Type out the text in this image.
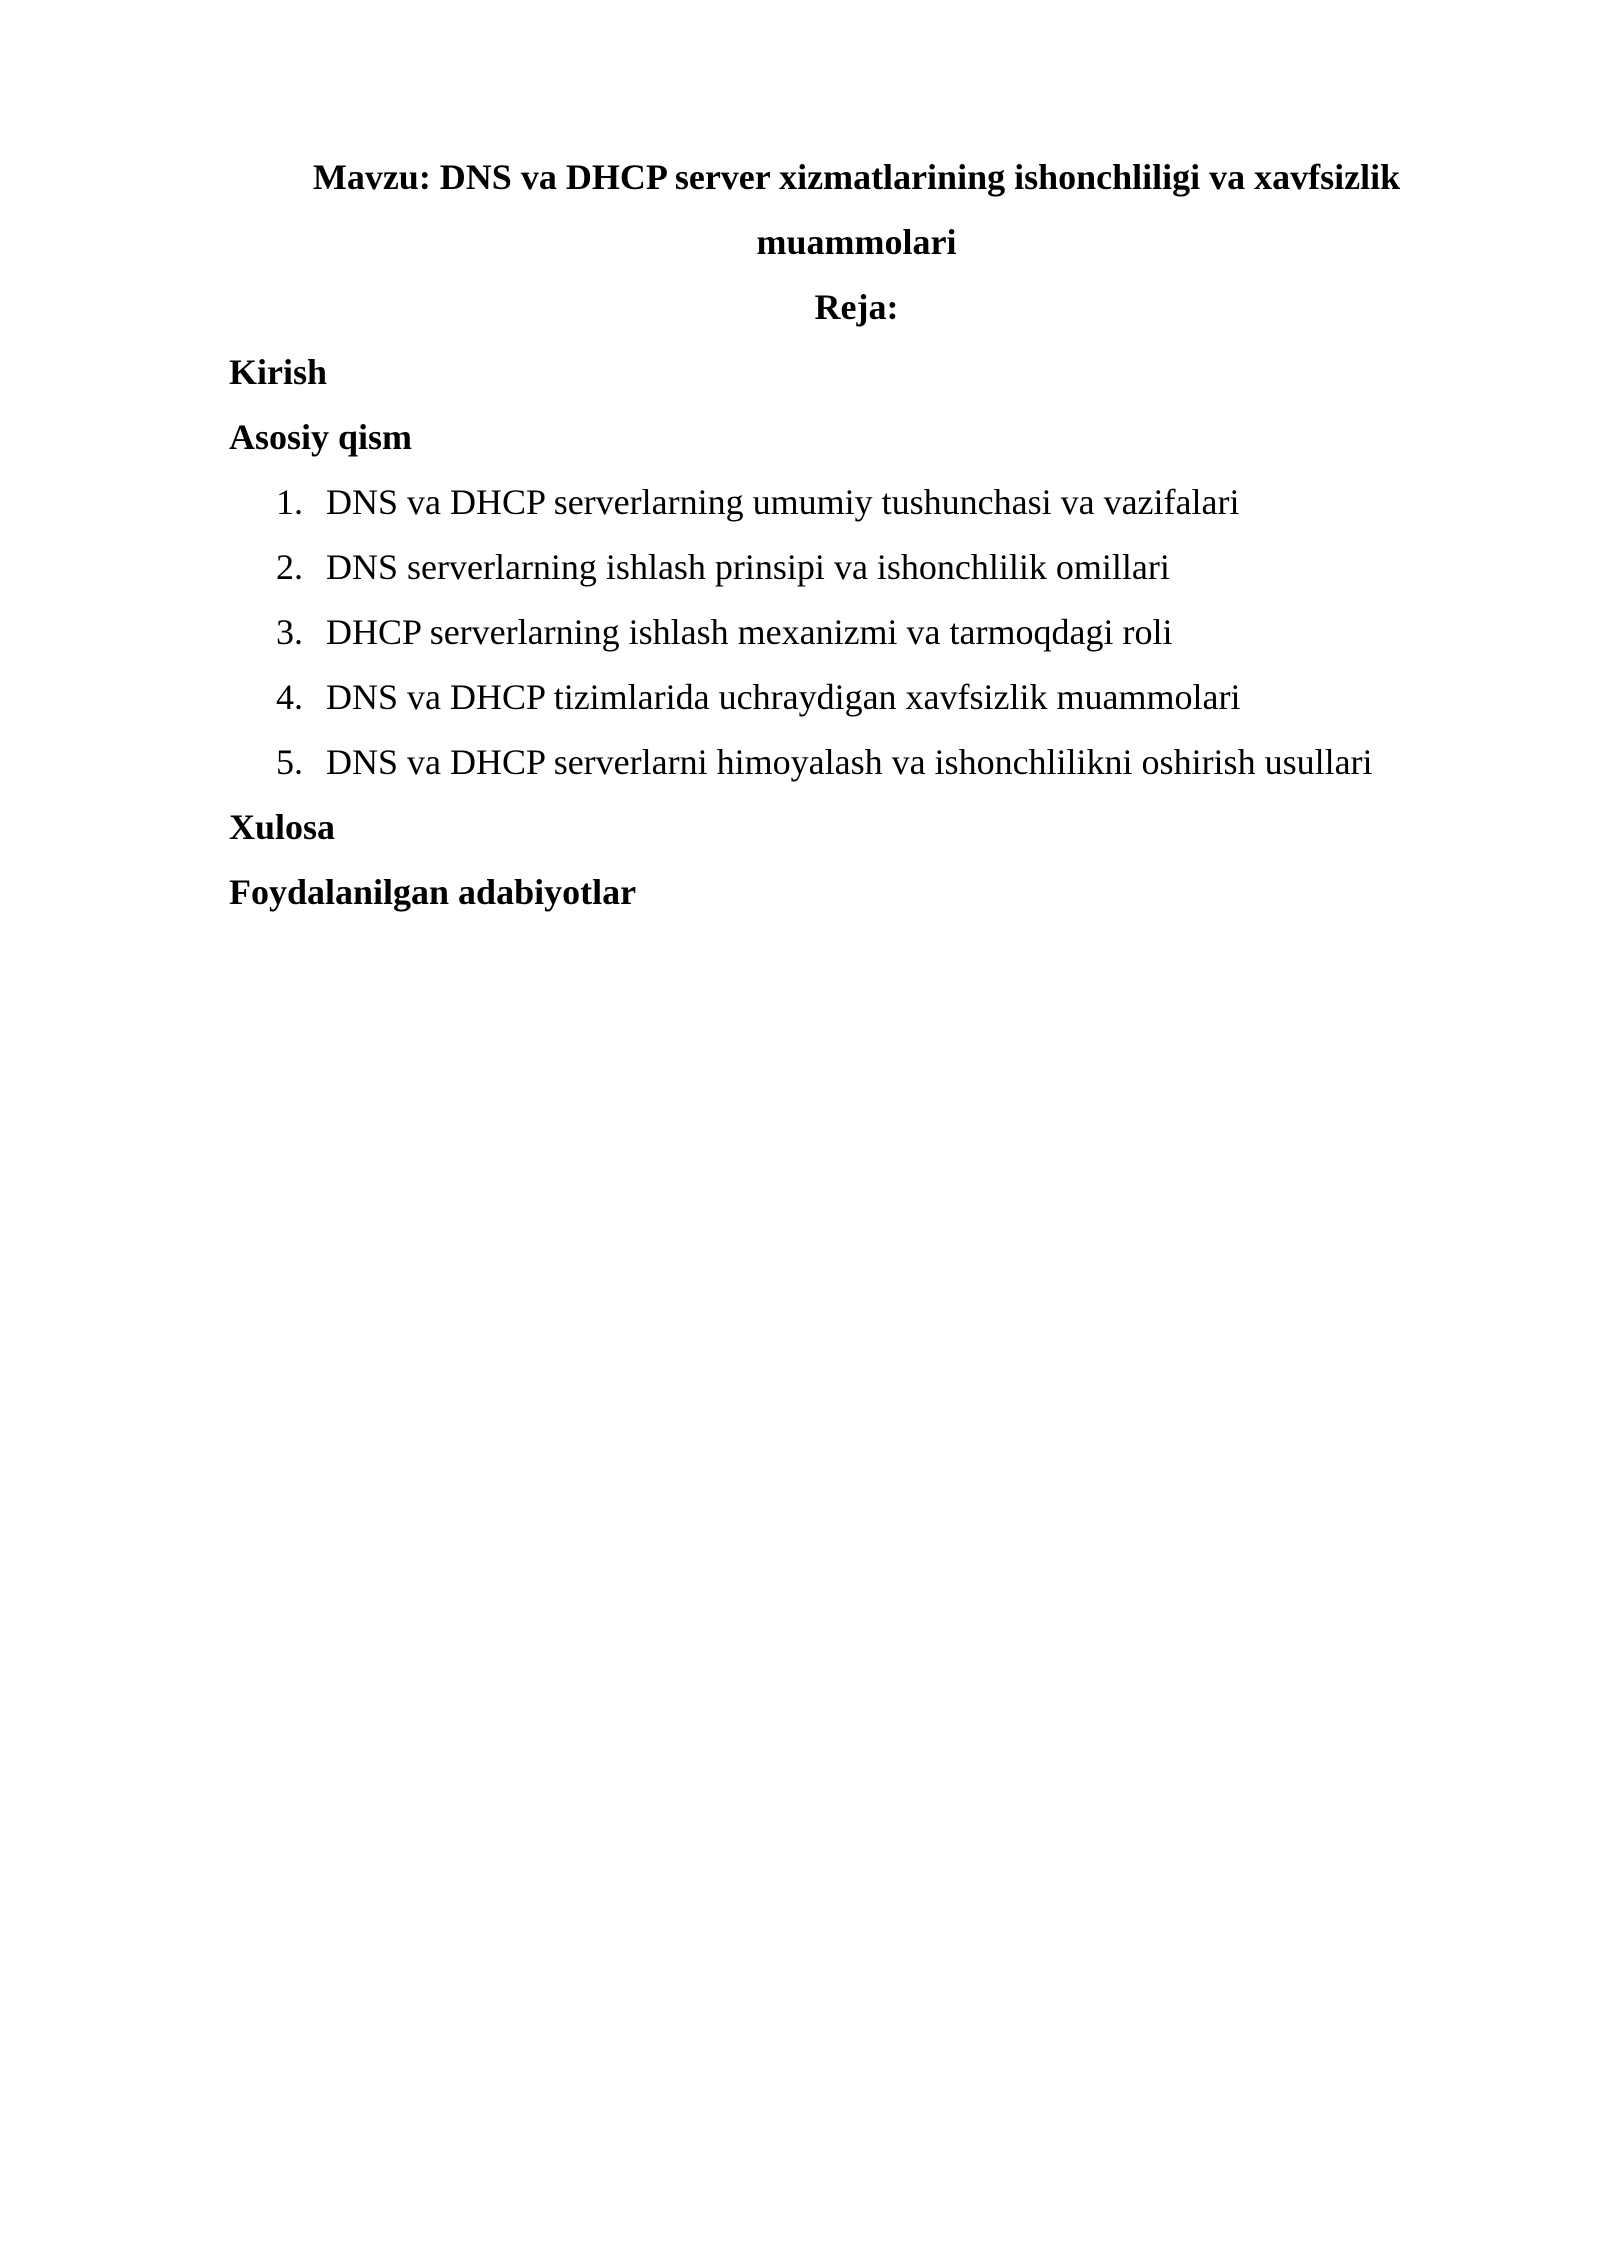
Mavzu: DNS va DHCP server xizmatlarining ishonchliligi va xavfsizlik muammolari

Reja:

Kirish

Asosiy qism

1. DNS va DHCP serverlarning umumiy tushunchasi va vazifalari
2. DNS serverlarning ishlash prinsipi va ishonchlilik omillari
3. DHCP serverlarning ishlash mexanizmi va tarmoqdagi roli
4. DNS va DHCP tizimlarida uchraydigan xavfsizlik muammolari
5. DNS va DHCP serverlarni himoyalash va ishonchlilikni oshirish usullari

Xulosa

Foydalanilgan adabiyotlar
